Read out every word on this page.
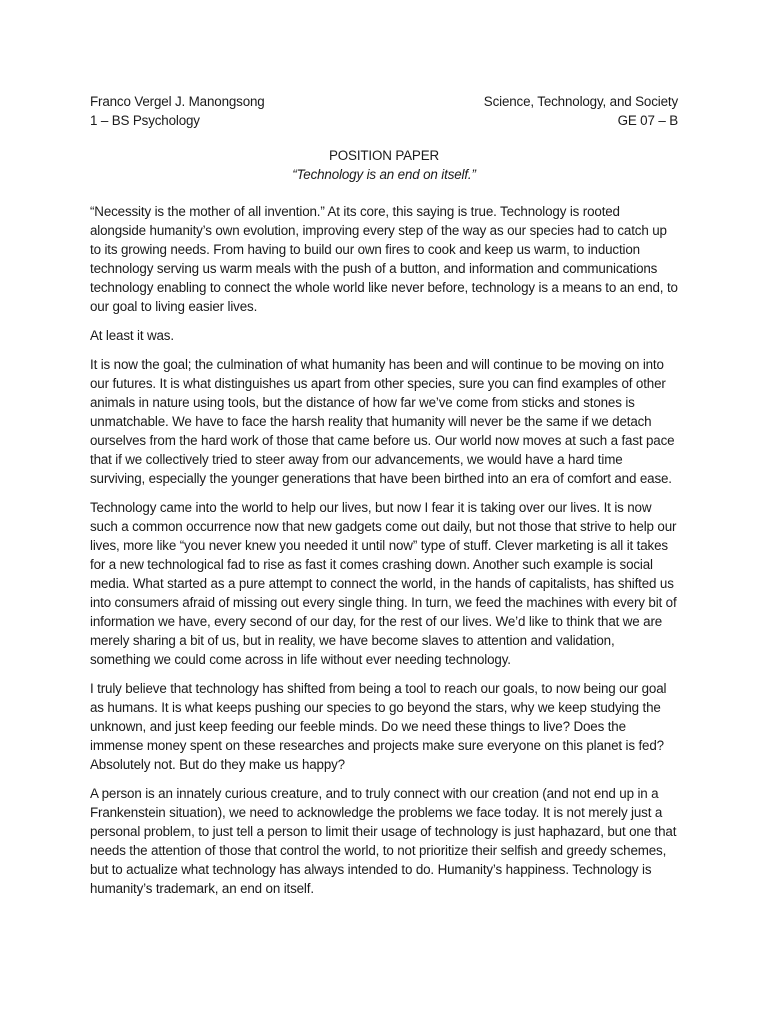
Franco Vergel J. Manongsong
1 – BS Psychology
Science, Technology, and Society
GE 07 – B
POSITION PAPER
“Technology is an end on itself.”

“Necessity is the mother of all invention.” At its core, this saying is true. Technology is rooted alongside humanity’s own evolution, improving every step of the way as our species had to catch up to its growing needs. From having to build our own fires to cook and keep us warm, to induction technology serving us warm meals with the push of a button, and information and communications technology enabling to connect the whole world like never before, technology is a means to an end, to our goal to living easier lives.

At least it was.

It is now the goal; the culmination of what humanity has been and will continue to be moving on into our futures. It is what distinguishes us apart from other species, sure you can find examples of other animals in nature using tools, but the distance of how far we’ve come from sticks and stones is unmatchable. We have to face the harsh reality that humanity will never be the same if we detach ourselves from the hard work of those that came before us. Our world now moves at such a fast pace that if we collectively tried to steer away from our advancements, we would have a hard time surviving, especially the younger generations that have been birthed into an era of comfort and ease.

Technology came into the world to help our lives, but now I fear it is taking over our lives. It is now such a common occurrence now that new gadgets come out daily, but not those that strive to help our lives, more like “you never knew you needed it until now” type of stuff. Clever marketing is all it takes for a new technological fad to rise as fast it comes crashing down. Another such example is social media. What started as a pure attempt to connect the world, in the hands of capitalists, has shifted us into consumers afraid of missing out every single thing. In turn, we feed the machines with every bit of information we have, every second of our day, for the rest of our lives. We’d like to think that we are merely sharing a bit of us, but in reality, we have become slaves to attention and validation, something we could come across in life without ever needing technology.

I truly believe that technology has shifted from being a tool to reach our goals, to now being our goal as humans. It is what keeps pushing our species to go beyond the stars, why we keep studying the unknown, and just keep feeding our feeble minds. Do we need these things to live? Does the immense money spent on these researches and projects make sure everyone on this planet is fed? Absolutely not. But do they make us happy?

A person is an innately curious creature, and to truly connect with our creation (and not end up in a Frankenstein situation), we need to acknowledge the problems we face today. It is not merely just a personal problem, to just tell a person to limit their usage of technology is just haphazard, but one that needs the attention of those that control the world, to not prioritize their selfish and greedy schemes, but to actualize what technology has always intended to do. Humanity’s happiness. Technology is humanity’s trademark, an end on itself.
